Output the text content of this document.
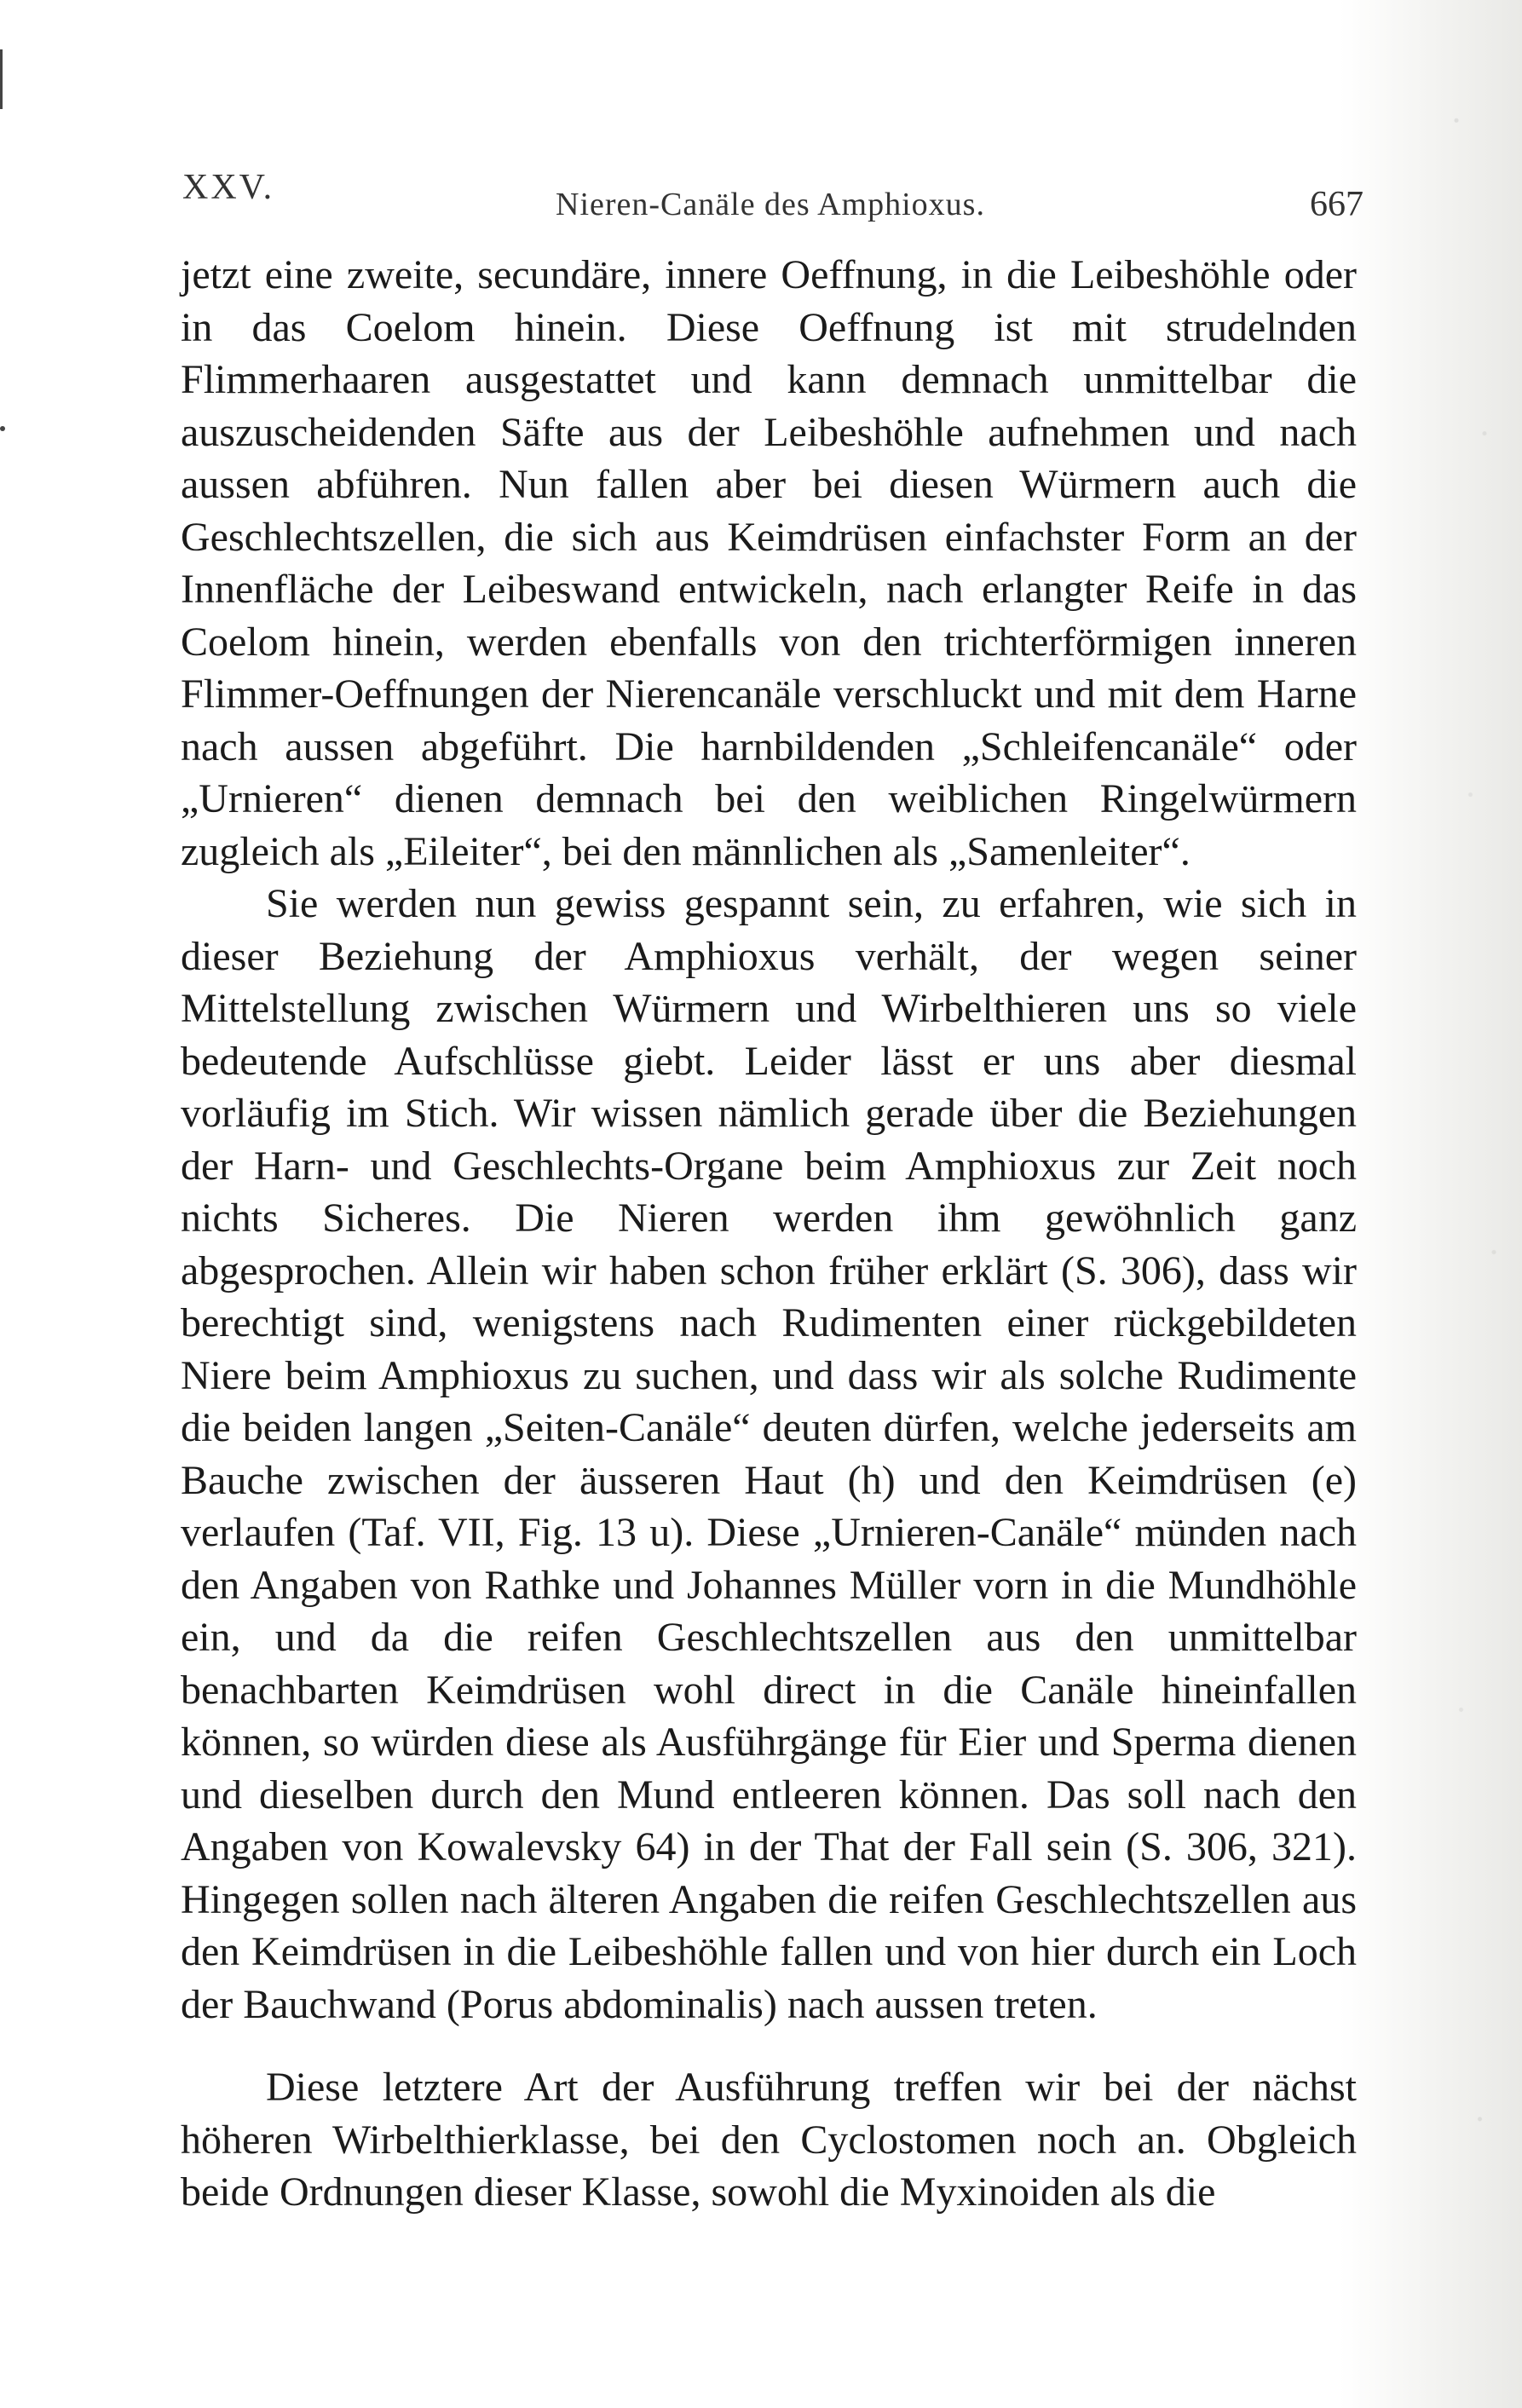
XXV.	Nieren-Canäle des Amphioxus.	667

jetzt eine zweite, secundäre, innere Oeffnung, in die Leibeshöhle oder in das Coelom hinein. Diese Oeffnung ist mit strudelnden Flimmerhaaren ausgestattet und kann demnach unmittelbar die auszuscheidenden Säfte aus der Leibeshöhle aufnehmen und nach aussen abführen. Nun fallen aber bei diesen Würmern auch die Geschlechtszellen, die sich aus Keimdrüsen einfachster Form an der Innenfläche der Leibeswand entwickeln, nach erlangter Reife in das Coelom hinein, werden ebenfalls von den trichterförmigen inneren Flimmer-Oeffnungen der Nierencanäle verschluckt und mit dem Harne nach aussen abgeführt. Die harnbildenden „Schleifencanäle“ oder „Urnieren“ dienen demnach bei den weiblichen Ringelwürmern zugleich als „Eileiter“, bei den männlichen als „Samenleiter“.

Sie werden nun gewiss gespannt sein, zu erfahren, wie sich in dieser Beziehung der Amphioxus verhält, der wegen seiner Mittelstellung zwischen Würmern und Wirbelthieren uns so viele bedeutende Aufschlüsse giebt. Leider lässt er uns aber diesmal vorläufig im Stich. Wir wissen nämlich gerade über die Beziehungen der Harn- und Geschlechts-Organe beim Amphioxus zur Zeit noch nichts Sicheres. Die Nieren werden ihm gewöhnlich ganz abgesprochen. Allein wir haben schon früher erklärt (S. 306), dass wir berechtigt sind, wenigstens nach Rudimenten einer rückgebildeten Niere beim Amphioxus zu suchen, und dass wir als solche Rudimente die beiden langen „Seiten-Canäle“ deuten dürfen, welche jederseits am Bauche zwischen der äusseren Haut (h) und den Keimdrüsen (e) verlaufen (Taf. VII, Fig. 13 u). Diese „Urnieren-Canäle“ münden nach den Angaben von Rathke und Johannes Müller vorn in die Mundhöhle ein, und da die reifen Geschlechtszellen aus den unmittelbar benachbarten Keimdrüsen wohl direct in die Canäle hineinfallen können, so würden diese als Ausführgänge für Eier und Sperma dienen und dieselben durch den Mund entleeren können. Das soll nach den Angaben von Kowalevsky 64) in der That der Fall sein (S. 306, 321). Hingegen sollen nach älteren Angaben die reifen Geschlechtszellen aus den Keimdrüsen in die Leibeshöhle fallen und von hier durch ein Loch der Bauchwand (Porus abdominalis) nach aussen treten.

Diese letztere Art der Ausführung treffen wir bei der nächst höheren Wirbelthierklasse, bei den Cyclostomen noch an. Obgleich beide Ordnungen dieser Klasse, sowohl die Myxinoiden als die
